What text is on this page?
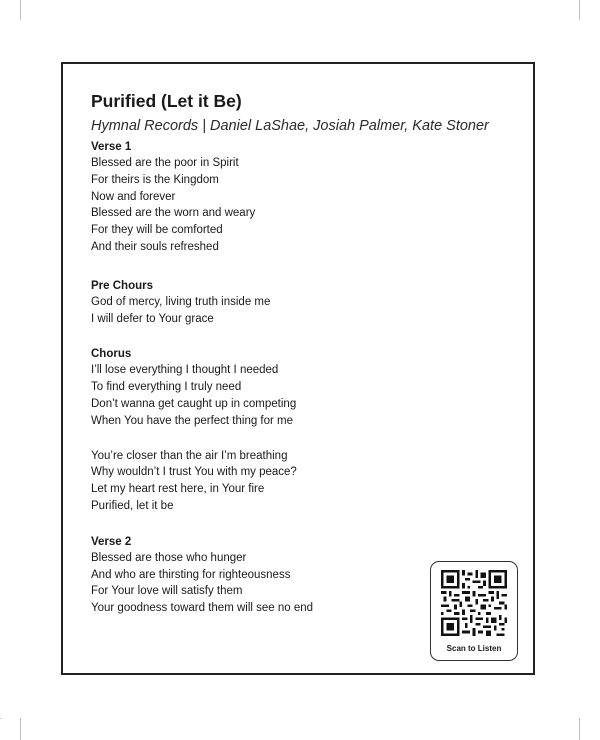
Purified (Let it Be)

Hymnal Records | Daniel LaShae, Josiah Palmer, Kate Stoner

Verse 1
Blessed are the poor in Spirit
For theirs is the Kingdom
Now and forever
Blessed are the worn and weary
For they will be comforted
And their souls refreshed
Pre Chours
God of mercy, living truth inside me
I will defer to Your grace
Chorus
I’ll lose everything I thought I needed
To find everything I truly need
Don’t wanna get caught up in competing
When You have the perfect thing for me
You’re closer than the air I’m breathing
Why wouldn’t I trust You with my peace?
Let my heart rest here, in Your fire
Purified, let it be
Verse 2
Blessed are those who hunger
And who are thirsting for righteousness
For Your love will satisfy them
Your goodness toward them will see no end
Scan to Listen
